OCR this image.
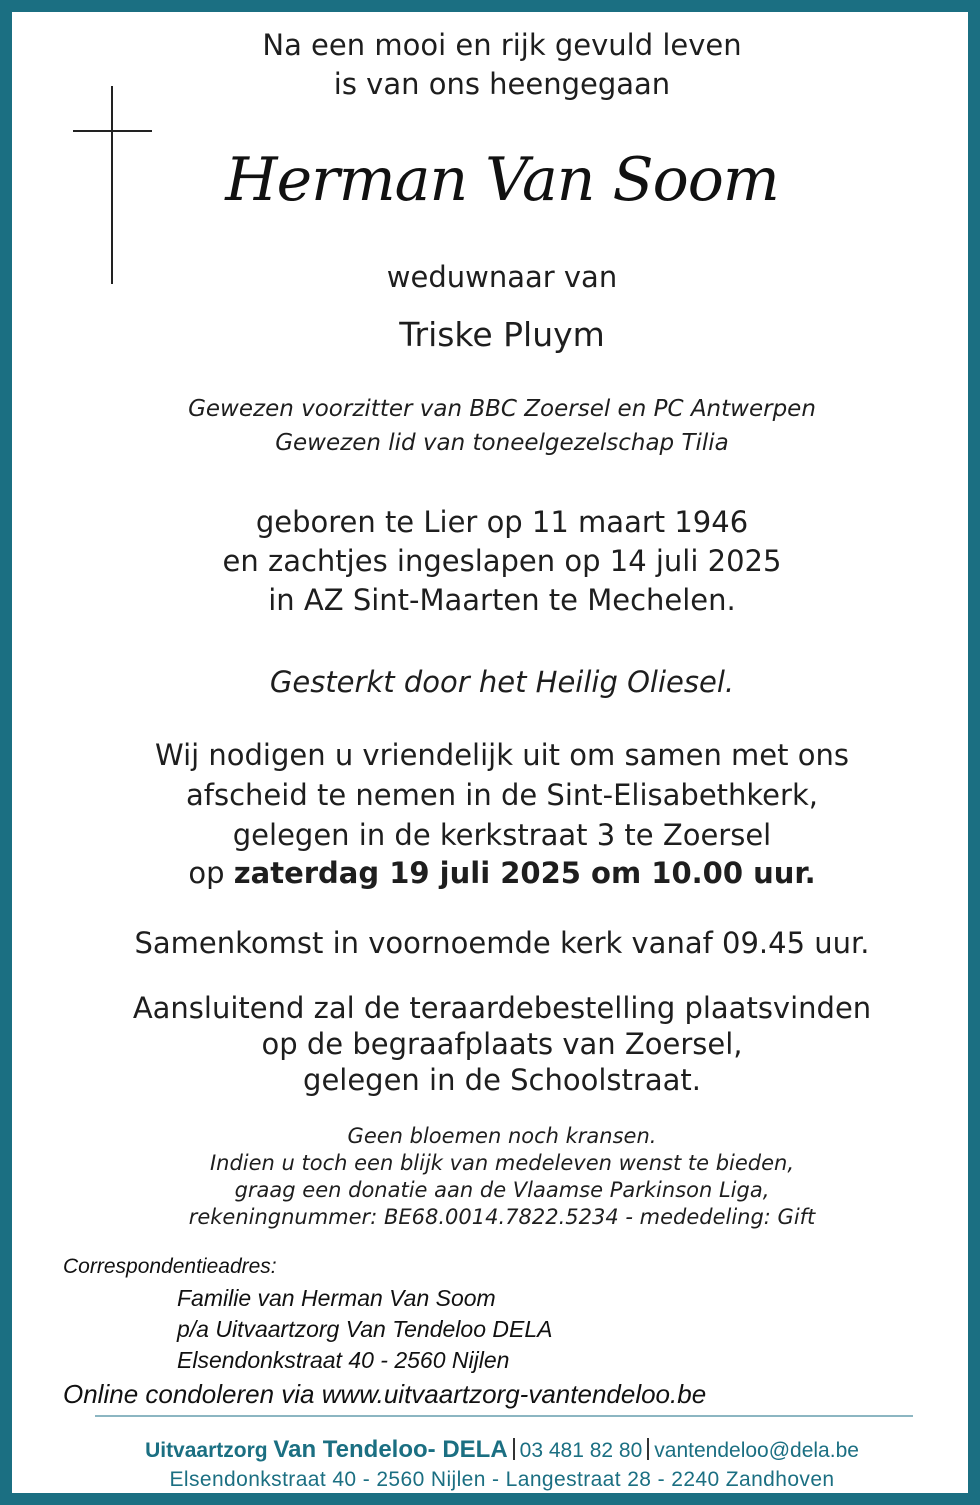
Na een mooi en rijk gevuld leven

is van ons heengegaan

Herman Van Soom

weduwnaar van

Triske Pluym

Gewezen voorzitter van BBC Zoersel en PC Antwerpen

Gewezen lid van toneelgezelschap Tilia

geboren te Lier op 11 maart 1946

en zachtjes ingeslapen op 14 juli 2025

in AZ Sint-Maarten te Mechelen.

Gesterkt door het Heilig Oliesel.

Wij nodigen u vriendelijk uit om samen met ons

afscheid te nemen in de Sint-Elisabethkerk,

gelegen in de kerkstraat 3 te Zoersel

op zaterdag 19 juli 2025 om 10.00 uur.

Samenkomst in voornoemde kerk vanaf 09.45 uur.

Aansluitend zal de teraardebestelling plaatsvinden

op de begraafplaats van Zoersel,

gelegen in de Schoolstraat.

Geen bloemen noch kransen.

Indien u toch een blijk van medeleven wenst te bieden,

graag een donatie aan de Vlaamse Parkinson Liga,

rekeningnummer: BE68.0014.7822.5234 - mededeling: Gift

Correspondentieadres:

Familie van Herman Van Soom

p/a Uitvaartzorg Van Tendeloo DELA

Elsendonkstraat 40 - 2560 Nijlen

Online condoleren via www.uitvaartzorg-vantendeloo.be

Uitvaartzorg Van Tendeloo- DELA 03 481 82 80 vantendeloo@dela.be

Elsendonkstraat 40 - 2560 Nijlen - Langestraat 28 - 2240 Zandhoven
